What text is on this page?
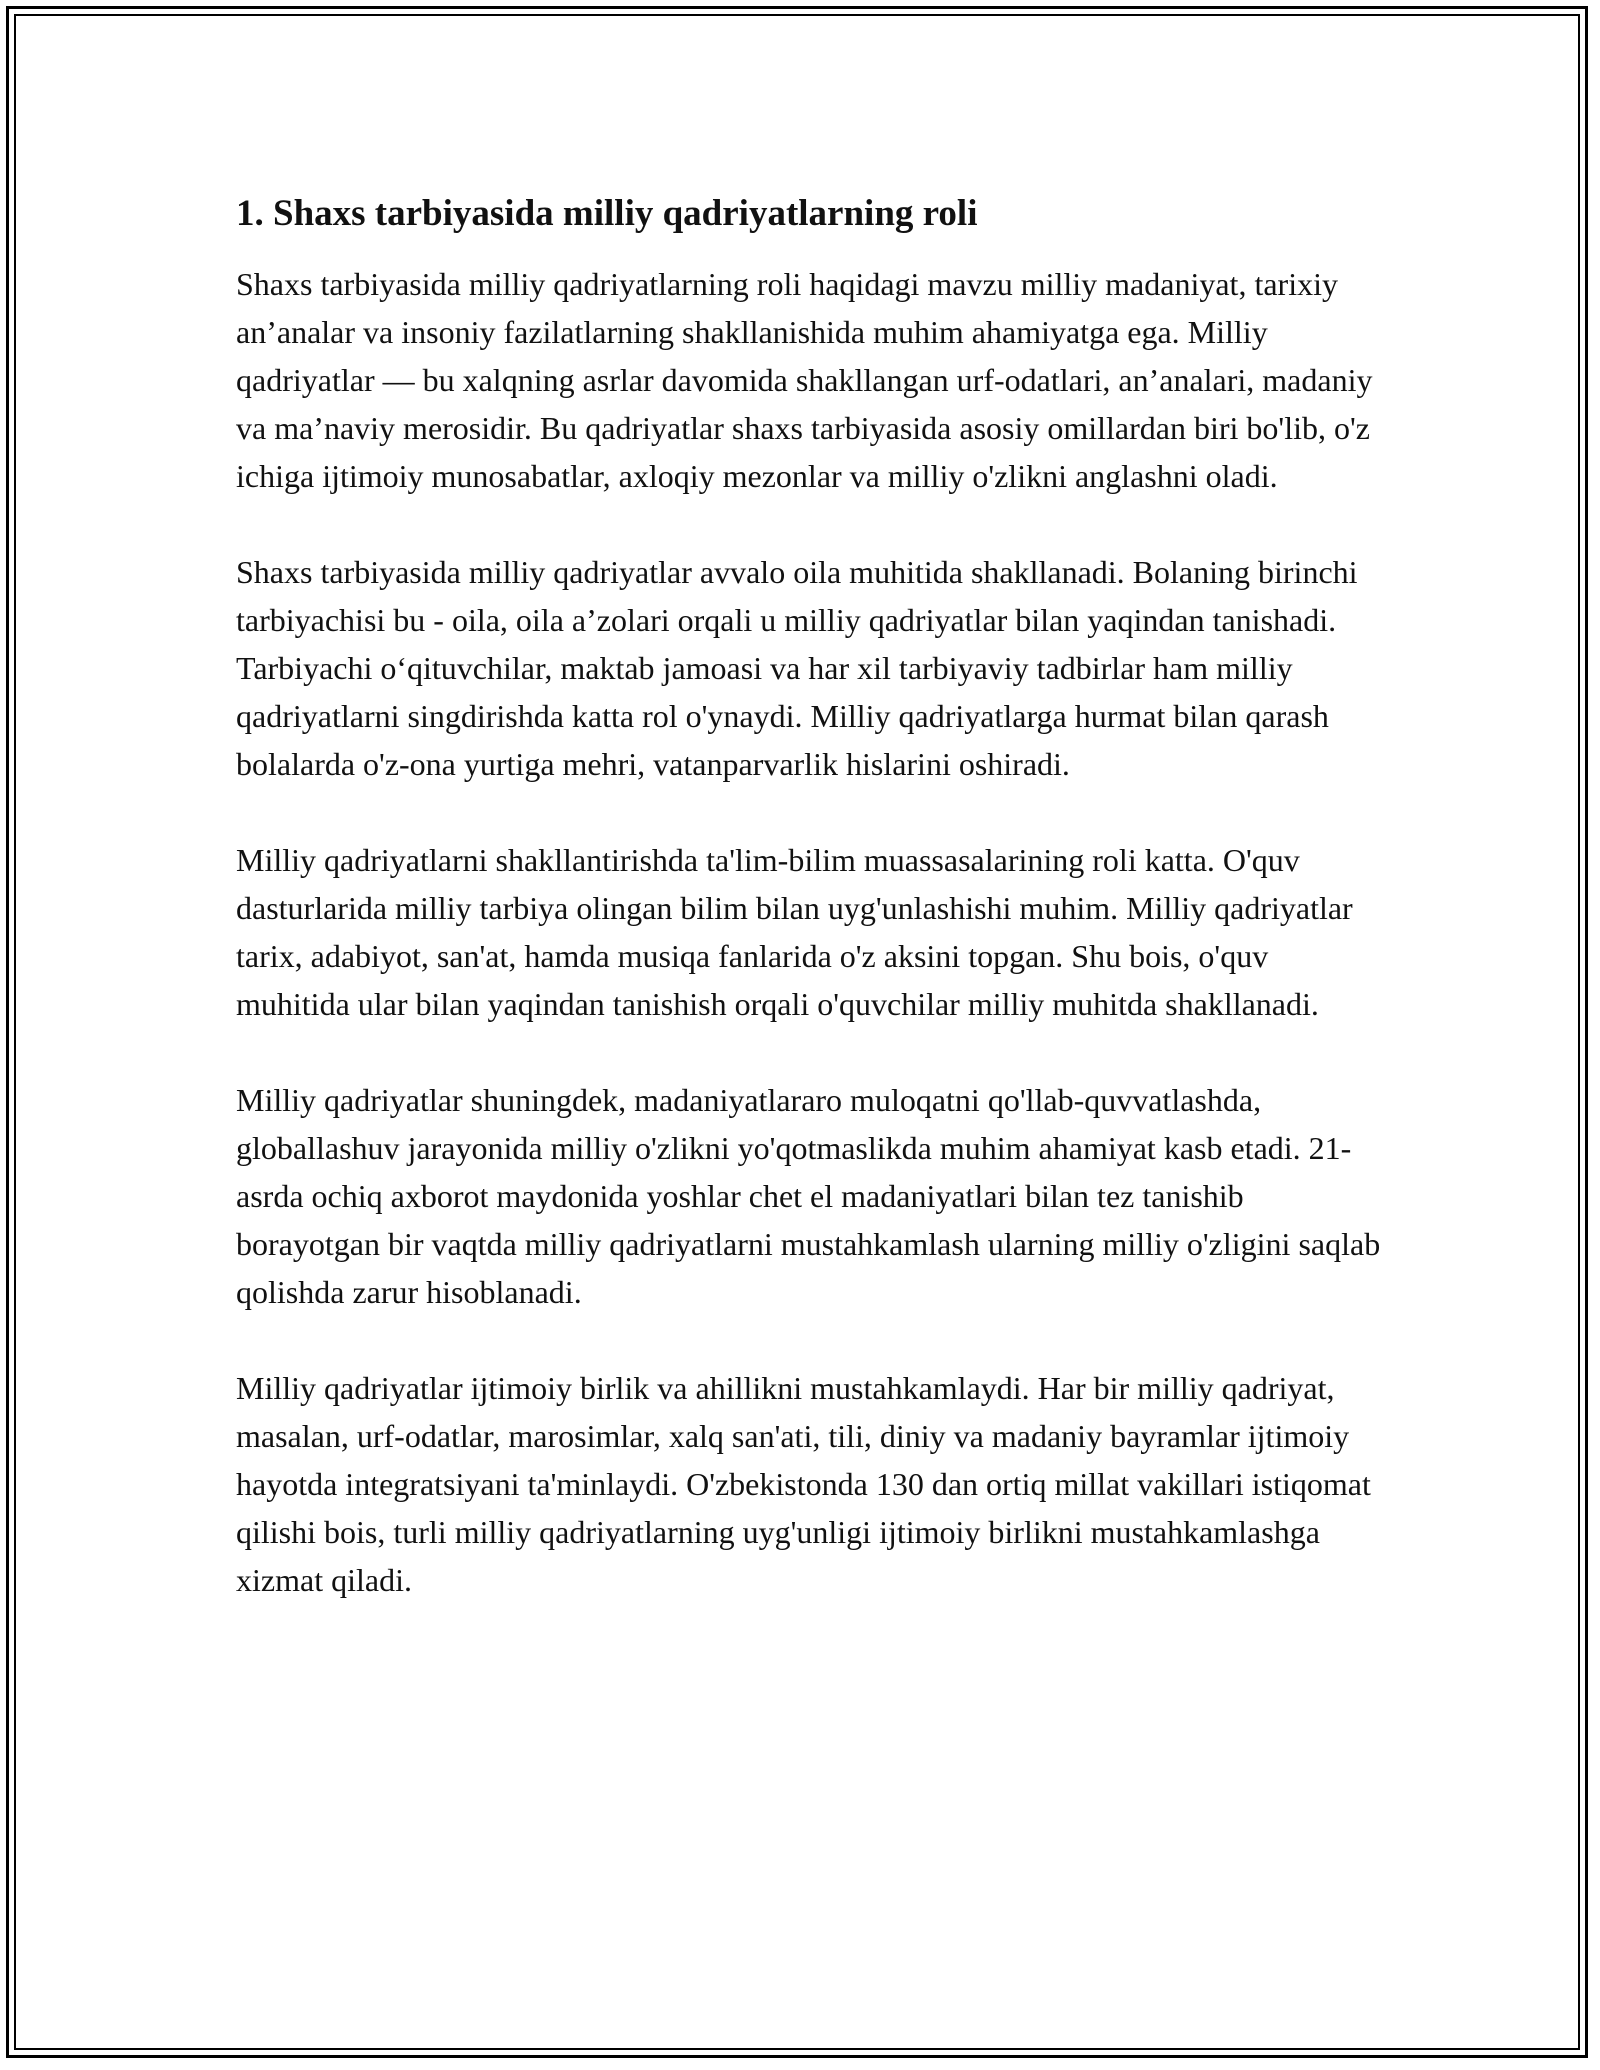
1. Shaxs tarbiyasida milliy qadriyatlarning roli

Shaxs tarbiyasida milliy qadriyatlarning roli haqidagi mavzu milliy madaniyat, tarixiy an’analar va insoniy fazilatlarning shakllanishida muhim ahamiyatga ega. Milliy qadriyatlar — bu xalqning asrlar davomida shakllangan urf-odatlari, an’analari, madaniy va ma’naviy merosidir. Bu qadriyatlar shaxs tarbiyasida asosiy omillardan biri bo'lib, o'z ichiga ijtimoiy munosabatlar, axloqiy mezonlar va milliy o'zlikni anglashni oladi.

Shaxs tarbiyasida milliy qadriyatlar avvalo oila muhitida shakllanadi. Bolaning birinchi tarbiyachisi bu - oila, oila a’zolari orqali u milliy qadriyatlar bilan yaqindan tanishadi. Tarbiyachi o‘qituvchilar, maktab jamoasi va har xil tarbiyaviy tadbirlar ham milliy qadriyatlarni singdirishda katta rol o'ynaydi. Milliy qadriyatlarga hurmat bilan qarash bolalarda o'z-ona yurtiga mehri, vatanparvarlik hislarini oshiradi.

Milliy qadriyatlarni shakllantirishda ta'lim-bilim muassasalarining roli katta. O'quv dasturlarida milliy tarbiya olingan bilim bilan uyg'unlashishi muhim. Milliy qadriyatlar tarix, adabiyot, san'at, hamda musiqa fanlarida o'z aksini topgan. Shu bois, o'quv muhitida ular bilan yaqindan tanishish orqali o'quvchilar milliy muhitda shakllanadi.

Milliy qadriyatlar shuningdek, madaniyatlararo muloqatni qo'llab-quvvatlashda, globallashuv jarayonida milliy o'zlikni yo'qotmaslikda muhim ahamiyat kasb etadi. 21-asrda ochiq axborot maydonida yoshlar chet el madaniyatlari bilan tez tanishib borayotgan bir vaqtda milliy qadriyatlarni mustahkamlash ularning milliy o'zligini saqlab qolishda zarur hisoblanadi.

Milliy qadriyatlar ijtimoiy birlik va ahillikni mustahkamlaydi. Har bir milliy qadriyat, masalan, urf-odatlar, marosimlar, xalq san'ati, tili, diniy va madaniy bayramlar ijtimoiy hayotda integratsiyani ta'minlaydi. O'zbekistonda 130 dan ortiq millat vakillari istiqomat qilishi bois, turli milliy qadriyatlarning uyg'unligi ijtimoiy birlikni mustahkamlashga xizmat qiladi.
